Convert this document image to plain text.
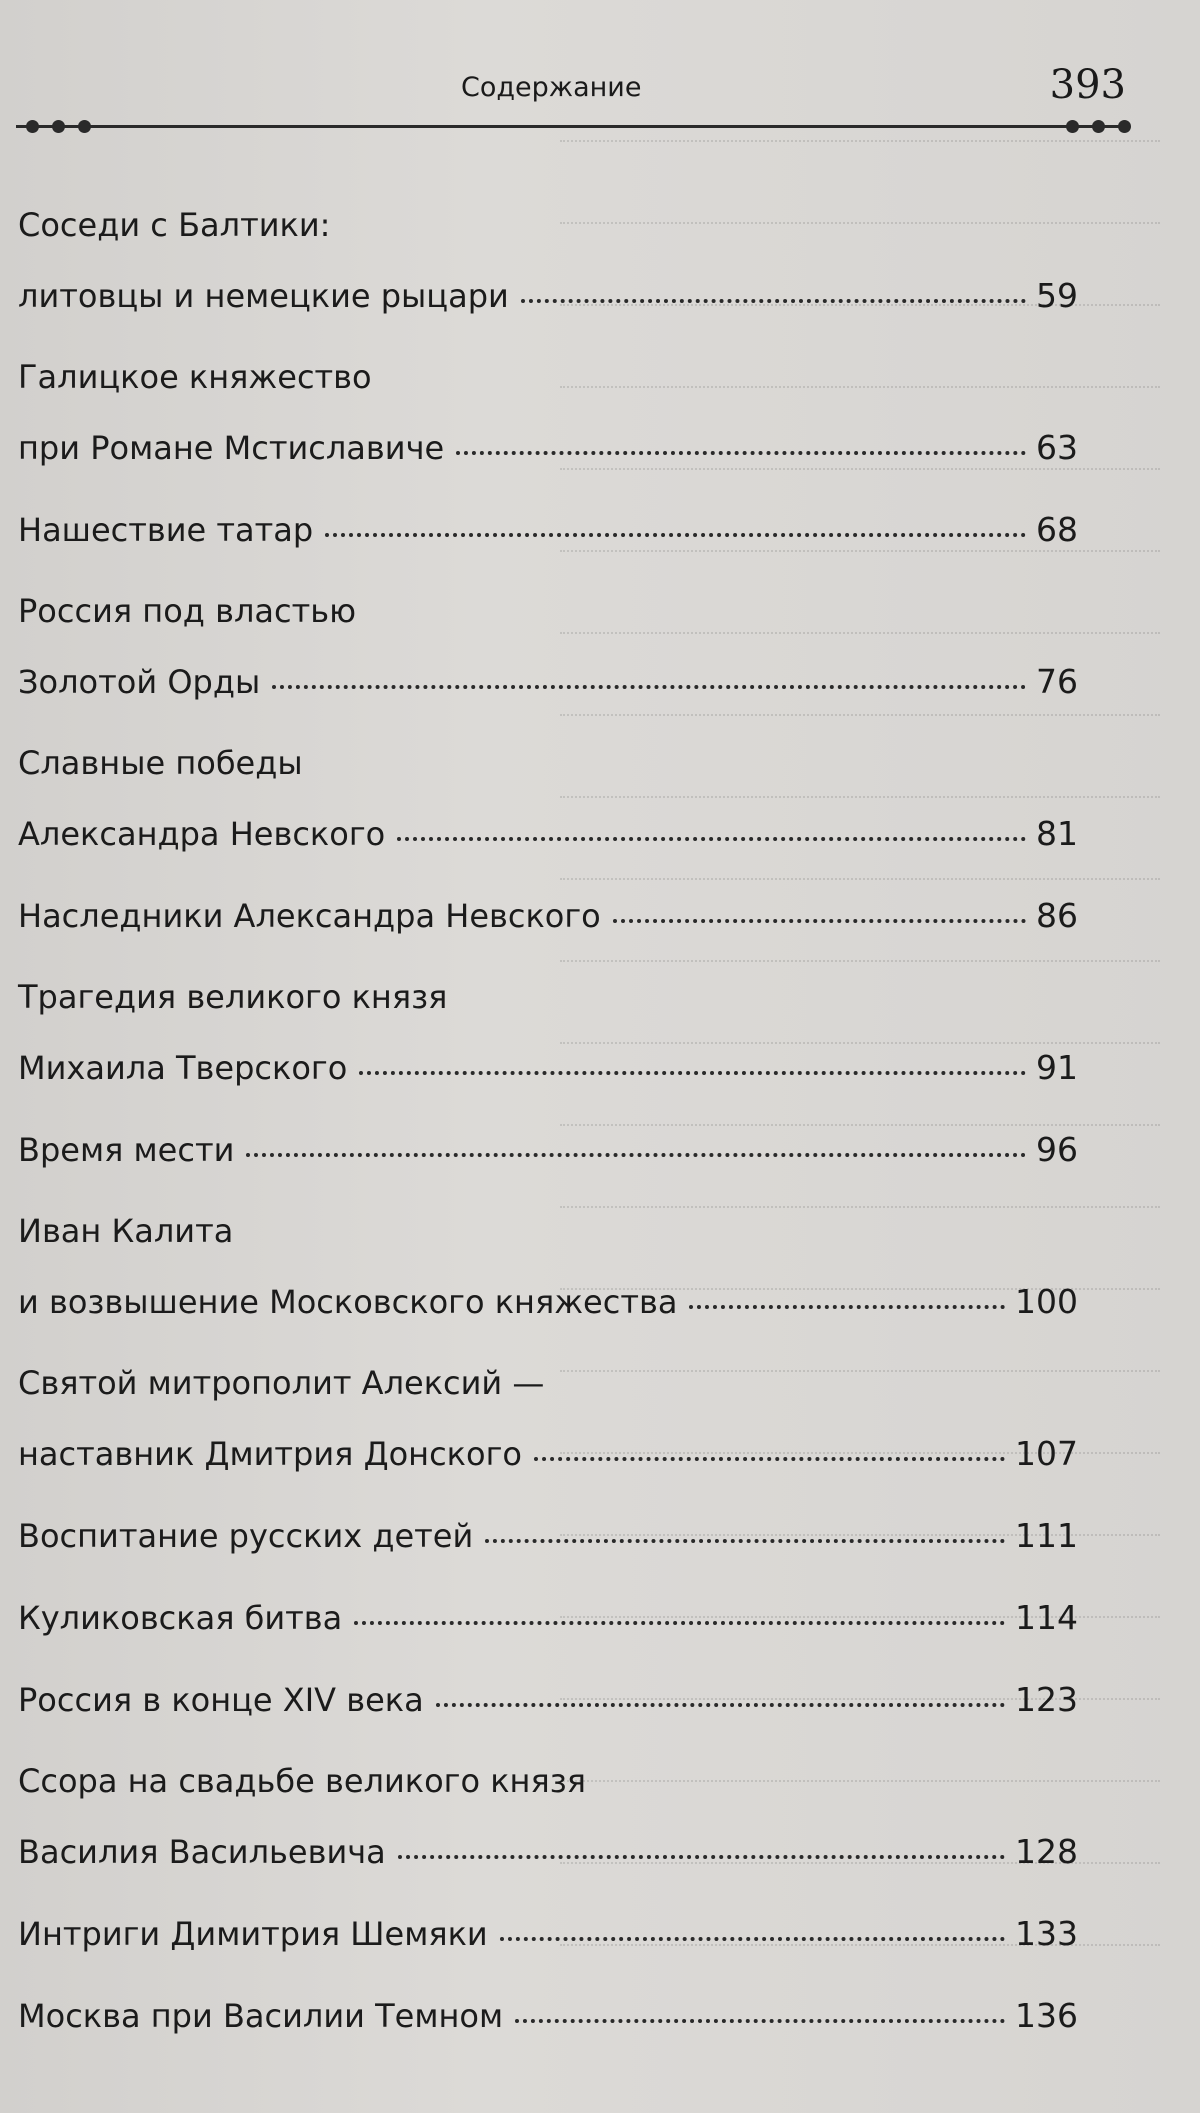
Содержание	393
Соседи с Балтики:
литовцы и немецкие рыцари	59
Галицкое княжество
при Романе Мстиславиче	63
Нашествие татар	68
Россия под властью
Золотой Орды	76
Славные победы
Александра Невского	81
Наследники Александра Невского	86
Трагедия великого князя
Михаила Тверского	91
Время мести	96
Иван Калита
и возвышение Московского княжества	100
Святой митрополит Алексий —
наставник Дмитрия Донского	107
Воспитание русских детей	111
Куликовская битва	114
Россия в конце XIV века	123
Ссора на свадьбе великого князя
Василия Васильевича	128
Интриги Димитрия Шемяки	133
Москва при Василии Темном	136
